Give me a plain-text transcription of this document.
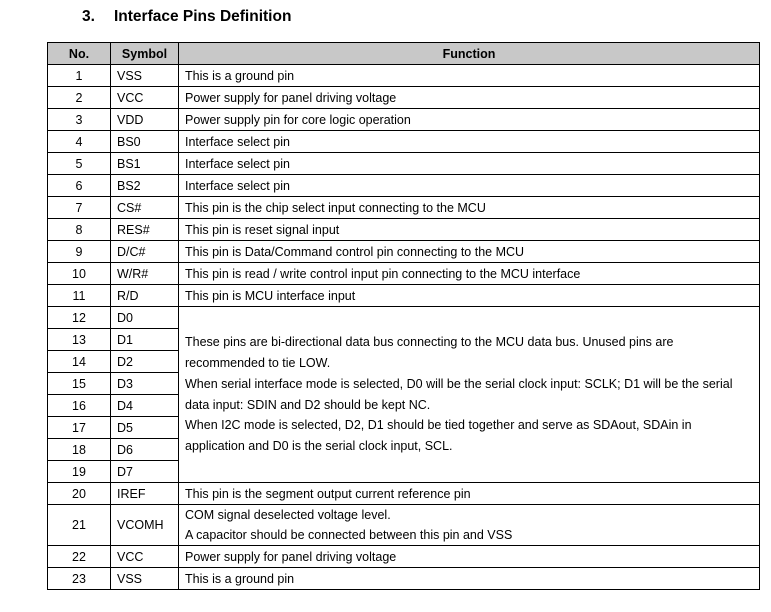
3. Interface Pins Definition
No.	Symbol	Function
1	VSS	This is a ground pin
2	VCC	Power supply for panel driving voltage
3	VDD	Power supply pin for core logic operation
4	BS0	Interface select pin
5	BS1	Interface select pin
6	BS2	Interface select pin
7	CS#	This pin is the chip select input connecting to the MCU
8	RES#	This pin is reset signal input
9	D/C#	This pin is Data/Command control pin connecting to the MCU
10	W/R#	This pin is read / write control input pin connecting to the MCU interface
11	R/D	This pin is MCU interface input
12	D0	These pins are bi-directional data bus connecting to the MCU data bus. Unused pins are recommended to tie LOW.
When serial interface mode is selected, D0 will be the serial clock input: SCLK; D1 will be the serial data input: SDIN and D2 should be kept NC.
When I2C mode is selected, D2, D1 should be tied together and serve as SDAout, SDAin in application and D0 is the serial clock input, SCL.

13	D1	
14	D2	
15	D3	
16	D4	
17	D5	
18	D6	
19	D7	
20	IREF	This pin is the segment output current reference pin
21	VCOMH	COM signal deselected voltage level.
A capacitor should be connected between this pin and VSS

22	VCC	Power supply for panel driving voltage
23	VSS	This is a ground pin
